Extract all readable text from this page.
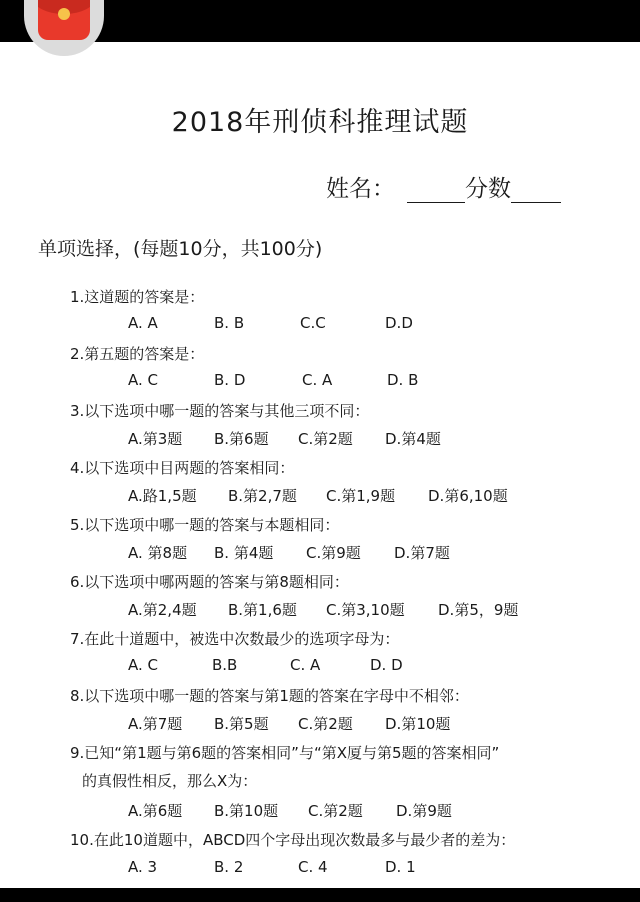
2018年刑侦科推理试题
姓名：	分数
单项选择，(每题10分，共100分)
1.这道题的答案是：
A. A	B. B	C.C	D.D
2.第五题的答案是：
A. C	B. D	C. A	D. B
3.以下选项中哪一题的答案与其他三项不同：
A.第3题 B.第6题 C.第2题 D.第4题
4.以下选项中目两题的答案相同：
A.路1,5题 B.第2,7题 C.第1,9题 D.第6,10题
5.以下选项中哪一题的答案与本题相同：
A. 第8题 B. 第4题 C.第9题 D.第7题
6.以下选项中哪两题的答案与第8题相同：
A.第2,4题 B.第1,6题 C.第3,10题 D.第5，9题
7.在此十道题中，被选中次数最少的选项字母为：
A. C	B.B	C. A	D. D
8.以下选项中哪一题的答案与第1题的答案在字母中不相邻：
A.第7题 B.第5题 C.第2题 D.第10题
9.已知“第1题与第6题的答案相同”与“第X厦与第5题的答案相同”
的真假性相反，那么X为：
A.第6题 B.第10题 C.第2题 D.第9题
10.在此10道题中，ABCD四个字母出现次数最多与最少者的差为：
A. 3	B. 2	C. 4	D. 1
